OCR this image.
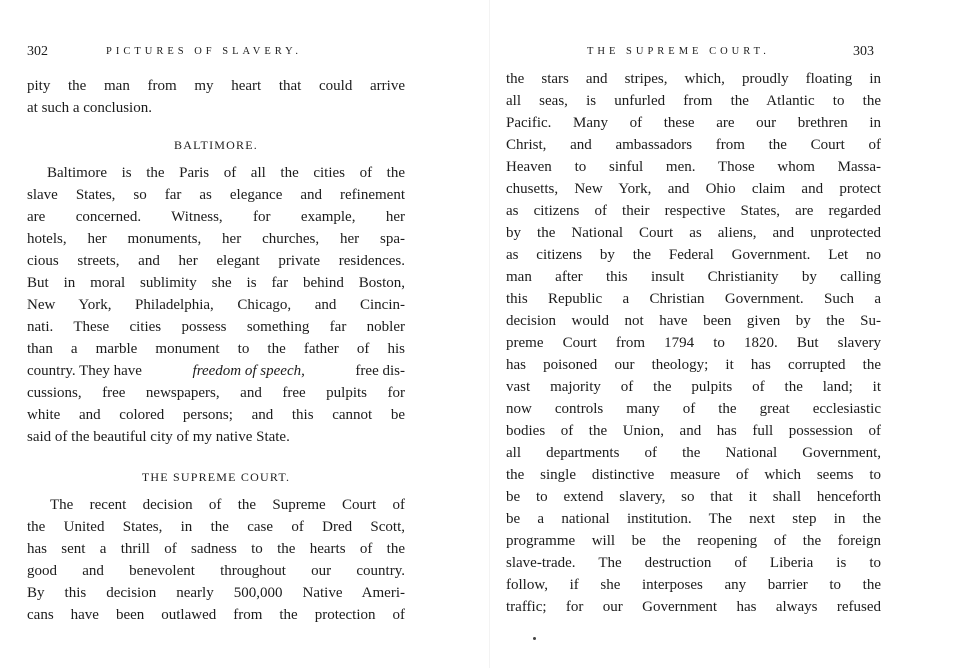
302	PICTURES OF SLAVERY.
pity the man from my heart that could arrive
at such a conclusion.
BALTIMORE.
Baltimore is the Paris of all the cities of the
slave States, so far as elegance and refinement
are concerned. Witness, for example, her
hotels, her monuments, her churches, her spa-
cious streets, and her elegant private residences.
But in moral sublimity she is far behind Boston,
New York, Philadelphia, Chicago, and Cincin-
nati. These cities possess something far nobler
than a marble monument to the father of his
country. They have	freedom of speech,	free dis-
cussions, free newspapers, and free pulpits for
white and colored persons; and this cannot be
said of the beautiful city of my native State.
THE SUPREME COURT.
The recent decision of the Supreme Court of
the United States, in the case of Dred Scott,
has sent a thrill of sadness to the hearts of the
good and benevolent throughout our country.
By this decision nearly 500,000 Native Ameri-
cans have been outlawed from the protection of
THE SUPREME COURT.	303
the stars and stripes, which, proudly floating in
all seas, is unfurled from the Atlantic to the
Pacific. Many of these are our brethren in
Christ, and ambassadors from the Court of
Heaven to sinful men. Those whom Massa-
chusetts, New York, and Ohio claim and protect
as citizens of their respective States, are regarded
by the National Court as aliens, and unprotected
as citizens by the Federal Government. Let no
man after this insult Christianity by calling
this Republic a Christian Government. Such a
decision would not have been given by the Su-
preme Court from 1794 to 1820. But slavery
has poisoned our theology; it has corrupted the
vast majority of the pulpits of the land; it
now controls many of the great ecclesiastic
bodies of the Union, and has full possession of
all departments of the National Government,
the single distinctive measure of which seems to
be to extend slavery, so that it shall henceforth
be a national institution. The next step in the
programme will be the reopening of the foreign
slave-trade. The destruction of Liberia is to
follow, if she interposes any barrier to the
traffic; for our Government has always refused
